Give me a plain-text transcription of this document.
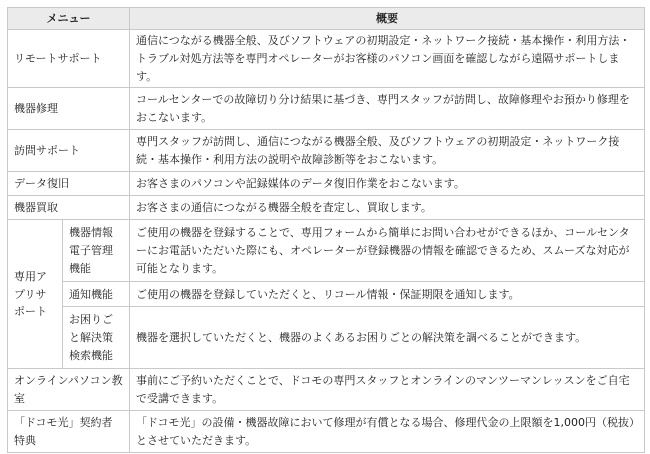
メニュー		概要
リモートサポート		通信につながる機器全般、及びソフトウェアの初期設定・ネットワーク接続・基本操作・利用方法・トラブル対処方法等を専門オペレーターがお客様のパソコン画面を確認しながら遠隔サポートします。
機器修理		コールセンターでの故障切り分け結果に基づき、専門スタッフが訪問し、故障修理やお預かり修理をおこないます。
訪問サポート		専門スタッフが訪問し、通信につながる機器全般、及びソフトウェアの初期設定・ネットワーク接続・基本操作・利用方法の説明や故障診断等をおこないます。
データ復旧		お客さまのパソコンや記録媒体のデータ復旧作業をおこないます。
機器買取		お客さまの通信につながる機器全般を査定し、買取します。
専用アプリサポート	機器情報電子管理機能	ご使用の機器を登録することで、専用フォームから簡単にお問い合わせができるほか、コールセンターにお電話いただいた際にも、オペレーターが登録機器の情報を確認できるため、スムーズな対応が可能となります。
	通知機能	ご使用の機器を登録していただくと、リコール情報・保証期限を通知します。
	お困りごと解決策検索機能	機器を選択していただくと、機器のよくあるお困りごとの解決策を調べることができます。
オンラインパソコン教室		事前にご予約いただくことで、ドコモの専門スタッフとオンラインのマンツーマンレッスンをご自宅で受講できます。
「ドコモ光」契約者特典		「ドコモ光」の設備・機器故障において修理が有償となる場合、修理代金の上限額を1,000円（税抜）とさせていただきます。
